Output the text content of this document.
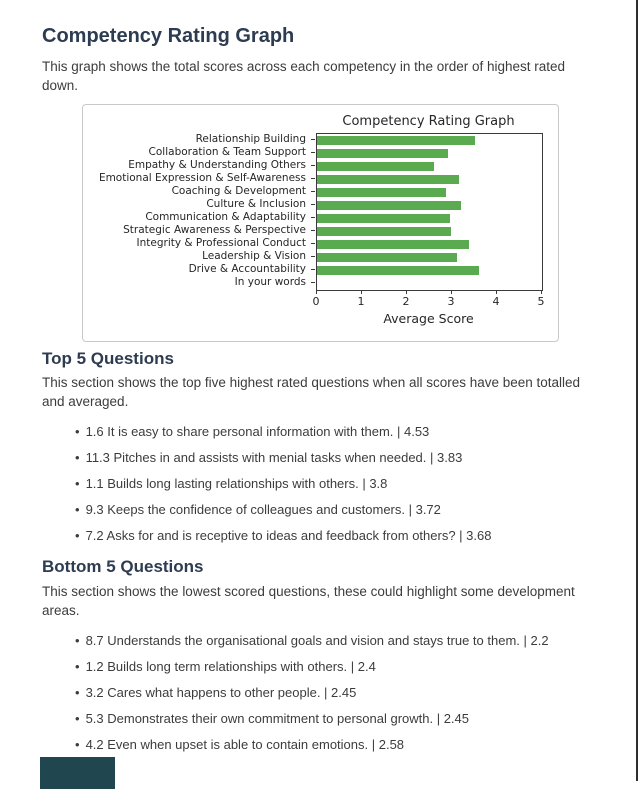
Competency Rating Graph

This graph shows the total scores across each competency in the order of highest rated down.

Competency Rating Graph
Relationship Building
Collaboration & Team Support
Empathy & Understanding Others
Emotional Expression & Self-Awareness
Coaching & Development
Culture & Inclusion
Communication & Adaptability
Strategic Awareness & Perspective
Integrity & Professional Conduct
Leadership & Vision
Drive & Accountability
In your words
0	1	2	3	4	5
Average Score
Top 5 Questions

This section shows the top five highest rated questions when all scores have been totalled and averaged.

• 1.6 It is easy to share personal information with them. | 4.53
• 11.3 Pitches in and assists with menial tasks when needed. | 3.83
• 1.1 Builds long lasting relationships with others. | 3.8
• 9.3 Keeps the confidence of colleagues and customers. | 3.72
• 7.2 Asks for and is receptive to ideas and feedback from others? | 3.68
Bottom 5 Questions

This section shows the lowest scored questions, these could highlight some development areas.

• 8.7 Understands the organisational goals and vision and stays true to them. | 2.2
• 1.2 Builds long term relationships with others. | 2.4
• 3.2 Cares what happens to other people. | 2.45
• 5.3 Demonstrates their own commitment to personal growth. | 2.45
• 4.2 Even when upset is able to contain emotions. | 2.58
